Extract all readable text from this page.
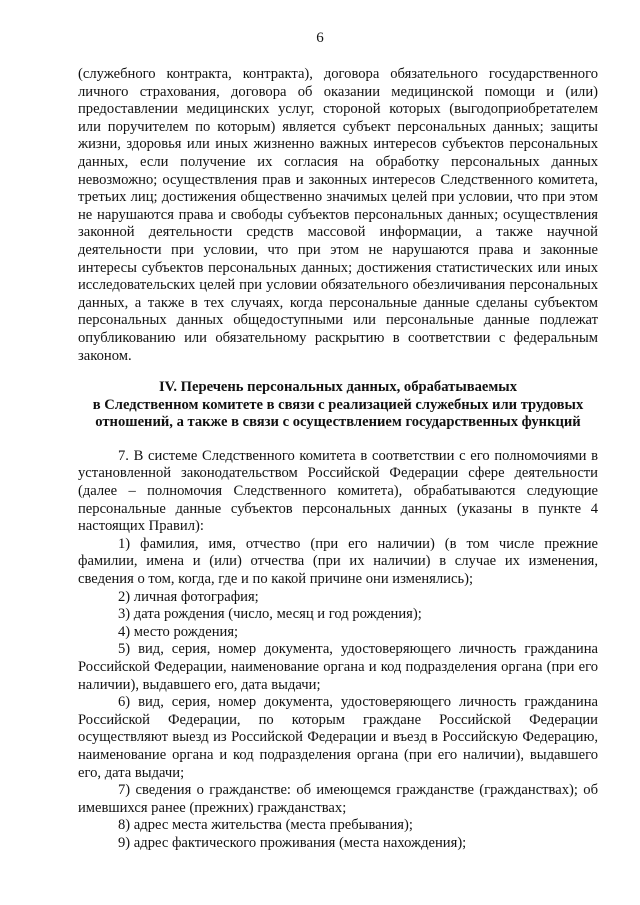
6

(служебного контракта, контракта), договора обязательного государственного личного страхования, договора об оказании медицинской помощи и (или) предоставлении медицинских услуг, стороной которых (выгодоприобретателем или поручителем по которым) является субъект персональных данных; защиты жизни, здоровья или иных жизненно важных интересов субъектов персональных данных, если получение их согласия на обработку персональных данных невозможно; осуществления прав и законных интересов Следственного комитета, третьих лиц; достижения общественно значимых целей при условии, что при этом не нарушаются права и свободы субъектов персональных данных; осуществления законной деятельности средств массовой информации, а также научной деятельности при условии, что при этом не нарушаются права и законные интересы субъектов персональных данных; достижения статистических или иных исследовательских целей при условии обязательного обезличивания персональных данных, а также в тех случаях, когда персональные данные сделаны субъектом персональных данных общедоступными или персональные данные подлежат опубликованию или обязательному раскрытию в соответствии с федеральным законом.

IV. Перечень персональных данных, обрабатываемых
в Следственном комитете в связи с реализацией служебных или трудовых
отношений, а также в связи с осуществлением государственных функций

7. В системе Следственного комитета в соответствии с его полномочиями в установленной законодательством Российской Федерации сфере деятельности (далее – полномочия Следственного комитета), обрабатываются следующие персональные данные субъектов персональных данных (указаны в пункте 4 настоящих Правил):

1) фамилия, имя, отчество (при его наличии) (в том числе прежние фамилии, имена и (или) отчества (при их наличии) в случае их изменения, сведения о том, когда, где и по какой причине они изменялись);

2) личная фотография;

3) дата рождения (число, месяц и год рождения);

4) место рождения;

5) вид, серия, номер документа, удостоверяющего личность гражданина Российской Федерации, наименование органа и код подразделения органа (при его наличии), выдавшего его, дата выдачи;

6) вид, серия, номер документа, удостоверяющего личность гражданина Российской Федерации, по которым граждане Российской Федерации осуществляют выезд из Российской Федерации и въезд в Российскую Федерацию, наименование органа и код подразделения органа (при его наличии), выдавшего его, дата выдачи;

7) сведения о гражданстве: об имеющемся гражданстве (гражданствах); об имевшихся ранее (прежних) гражданствах;

8) адрес места жительства (места пребывания);

9) адрес фактического проживания (места нахождения);
